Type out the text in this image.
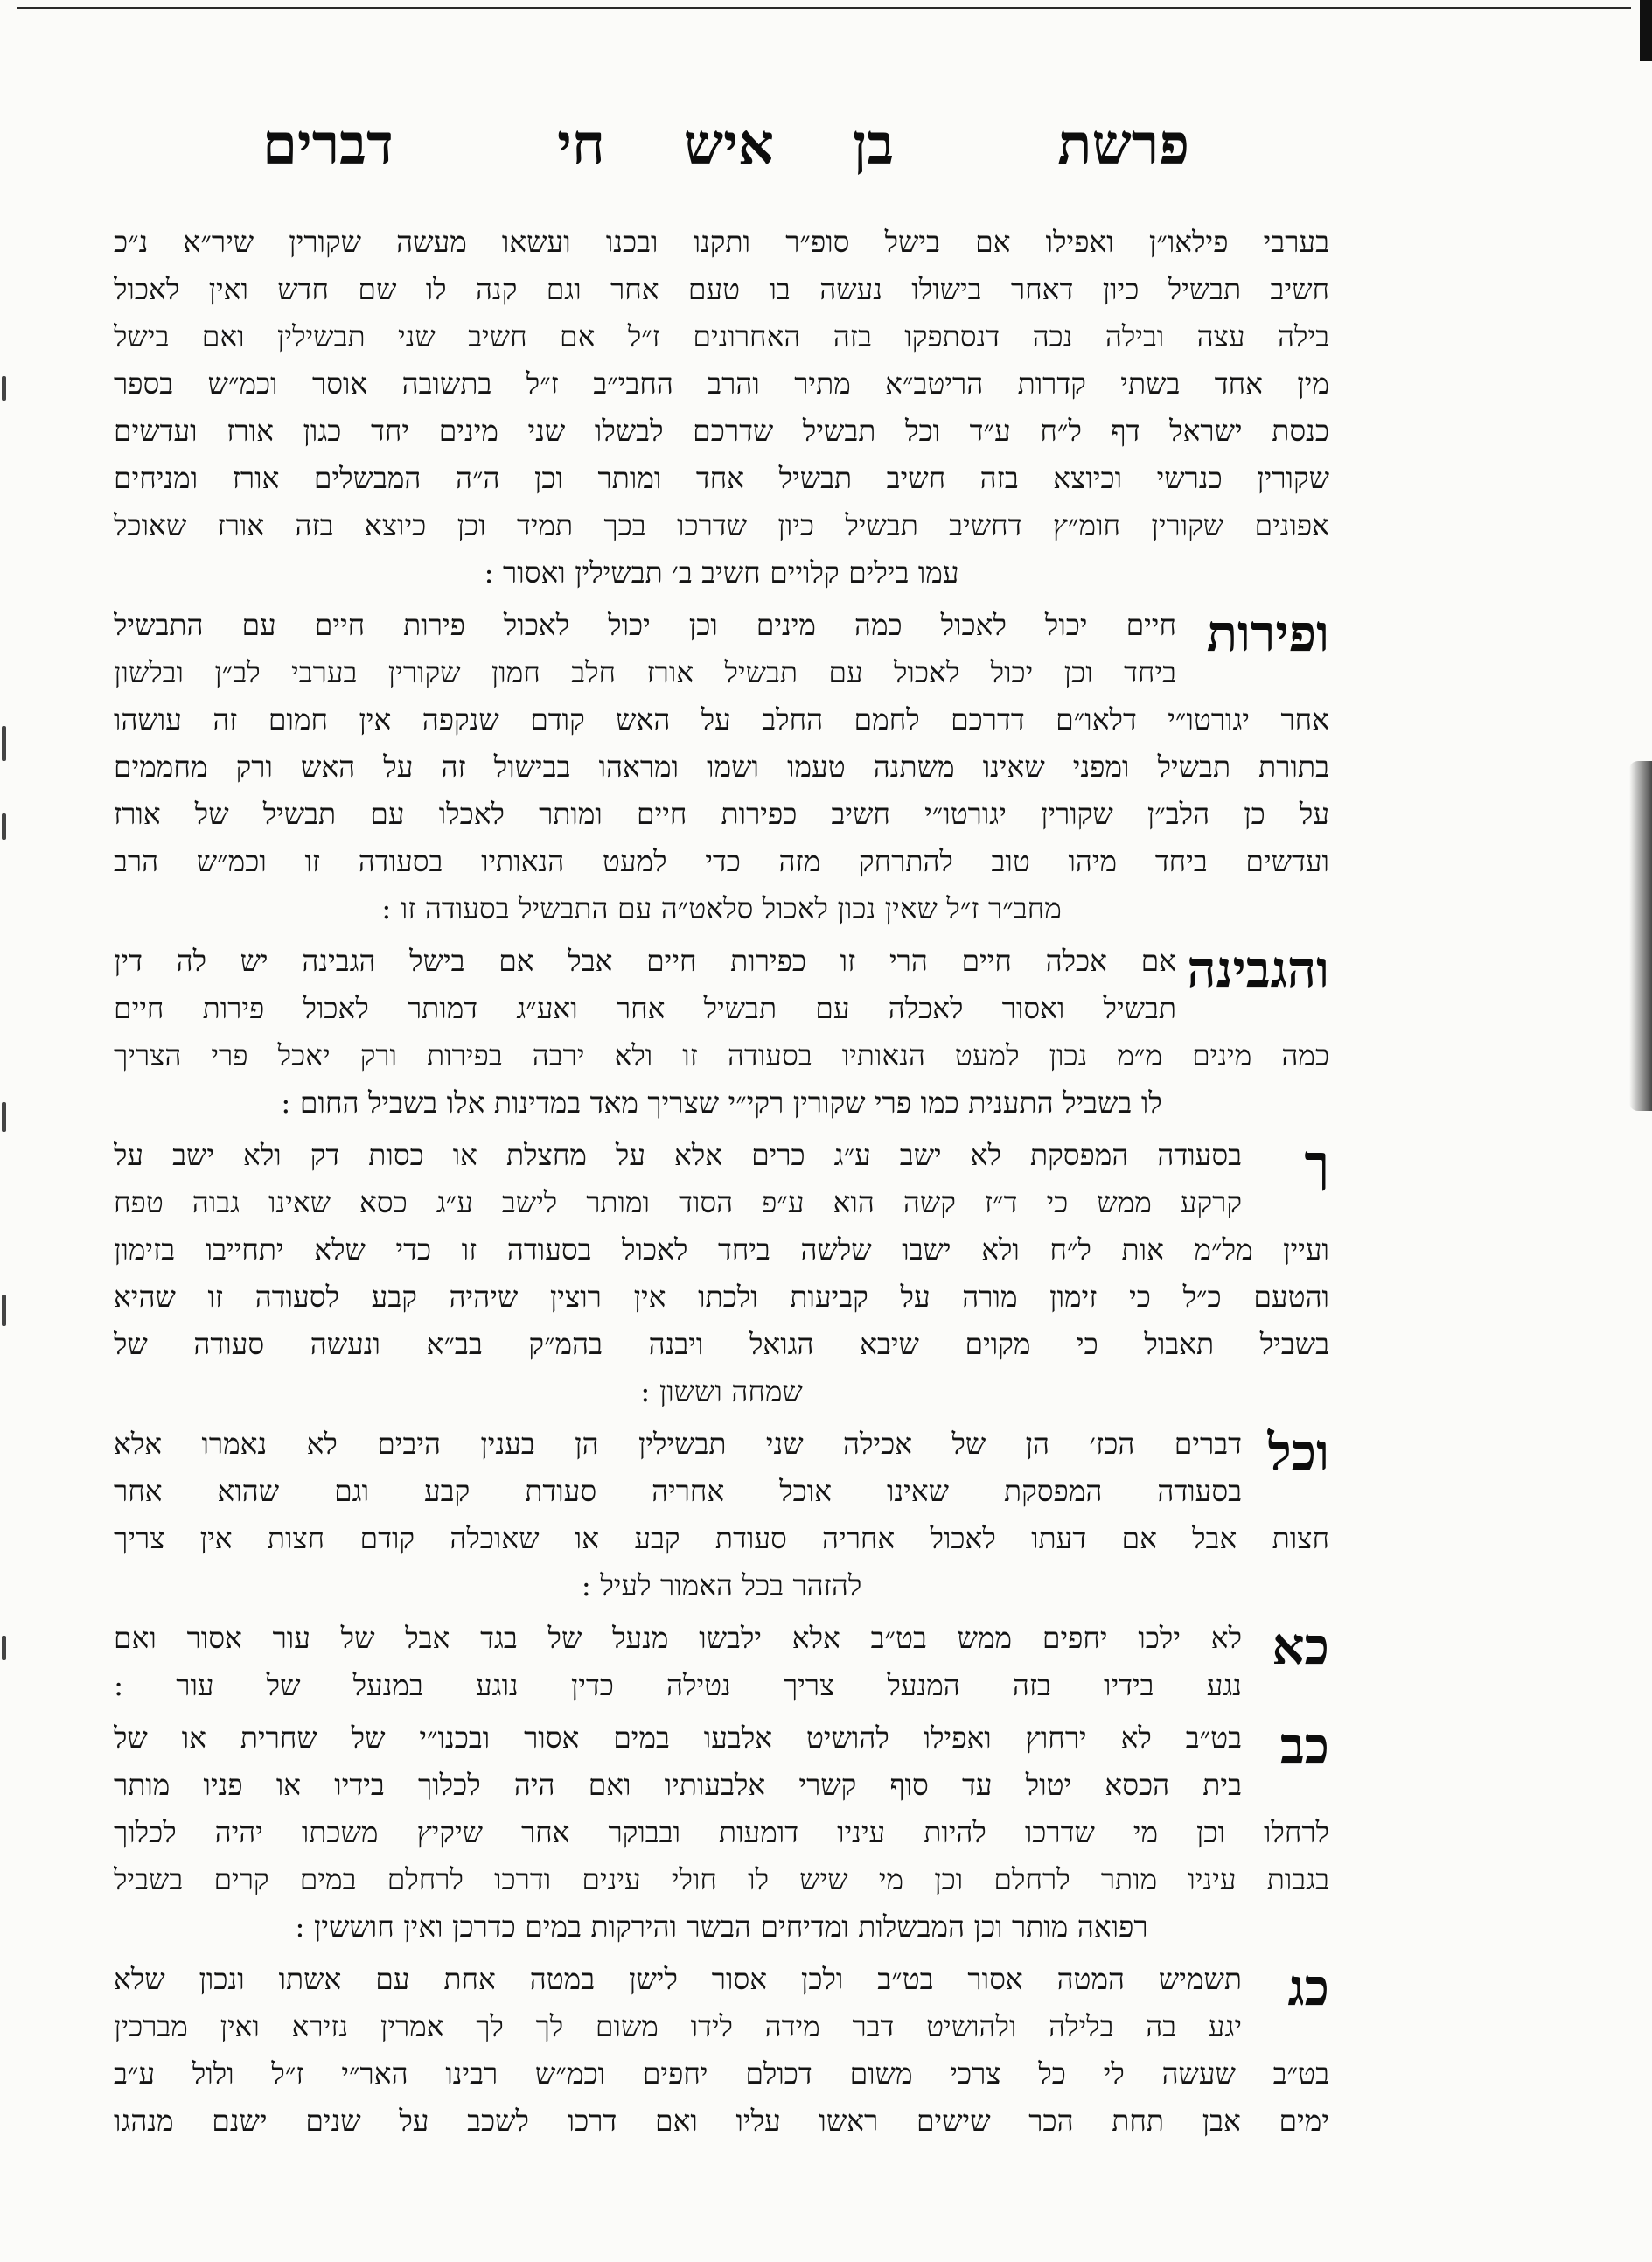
פרשת
בן
איש
חי
דברים
בערבי פילאו״ן ואפילו אם בישל סופ״ר ותקנו ובכנו ועשאו מעשה שקורין שיר״א נ״כ
חשיב תבשיל כיון דאחר בישולו נעשה בו טעם אחר וגם קנה לו שם חדש ואין לאכול
בילה עצה ובילה נכה דנסתפקו בזה האחרונים ז״ל אם חשיב שני תבשילין ואם בישל
מין אחד בשתי קדרות הריטב״א מתיר והרב החבי״ב ז״ל בתשובה אוסר וכמ״ש בספר
כנסת ישראל דף ל״ח ע״ד וכל תבשיל שדרכם לבשלו שני מינים יחד כגון אורז ועדשים
שקורין כנרשי וכיוצא בזה חשיב תבשיל אחד ומותר וכן ה״ה המבשלים אורז ומניחים
אפונים שקורין חומ״ץ דחשיב תבשיל כיון שדרכו בכך תמיד וכן כיוצא בזה אורז שאוכל
עמו בילים קלויים חשיב ב׳ תבשילין ואסור :
ופירות
חיים יכול לאכול כמה מינים וכן יכול לאכול פירות חיים עם התבשיל
ביחד וכן יכול לאכול עם תבשיל אורז חלב חמון שקורין בערבי לב״ן ובלשון
אחר יגורטו״י דלאו״ם דדרכם לחמם החלב על האש קודם שנקפה אין חמום זה עושהו
בתורת תבשיל ומפני שאינו משתנה טעמו ושמו ומראהו בבישול זה על האש ורק מחממים
על כן הלב״ן שקורין יגורטו״י חשיב כפירות חיים ומותר לאכלו עם תבשיל של אורז
ועדשים ביחד מיהו טוב להתרחק מזה כדי למעט הנאותיו בסעודה זו וכמ״ש הרב
מחב״ר ז״ל שאין נכון לאכול סלאט״ה עם התבשיל בסעודה זו :
והגבינה
אם אכלה חיים הרי זו כפירות חיים אבל אם בישל הגבינה יש לה דין
תבשיל ואסור לאכלה עם תבשיל אחר ואע״ג דמותר לאכול פירות חיים
כמה מינים מ״מ נכון למעט הנאותיו בסעודה זו ולא ירבה בפירות ורק יאכל פרי הצריך
לו בשביל התענית כמו פרי שקורין רקי״י שצריך מאד במדינות אלו בשביל החום :
ך
בסעודה המפסקת לא ישב ע״ג כרים אלא על מחצלת או כסות דק ולא ישב על
קרקע ממש כי ד״ז קשה הוא ע״פ הסוד ומותר לישב ע״ג כסא שאינו גבוה טפח
ועיין מל״מ אות ל״ח ולא ישבו שלשה ביחד לאכול בסעודה זו כדי שלא יתחייבו בזימון
והטעם כ״ל כי זימון מורה על קביעות ולכתו אין רוצין שיהיה קבע לסעודה זו שהיא
בשביל תאבול כי מקוים שיבא הגואל ויבנה בהמ״ק בב״א ונעשה סעודה של
שמחה וששון :
וכל
דברים הכז׳ הן של אכילה שני תבשילין הן בענין היבים לא נאמרו אלא
בסעודה המפסקת שאינו אוכל אחריה סעודת קבע וגם שהוא אחר
חצות אבל אם דעתו לאכול אחריה סעודת קבע או שאוכלה קודם חצות אין צריך
להזהר בכל האמור לעיל :
כא
לא ילכו יחפים ממש בט״ב אלא ילבשו מנעל של בגד אבל של עור אסור ואם
נגע בידיו בזה המנעל צריך נטילה כדין נוגע במנעל של עור :
כב
בט״ב לא ירחוץ ואפילו להושיט אלבעו במים אסור ובכנו״י של שחרית או של
בית הכסא יטול עד סוף קשרי אלבעותיו ואם היה לכלוך בידיו או פניו מותר
לרחלו וכן מי שדרכו להיות עיניו דומעות ובבוקר אחר שיקיץ משכתו יהיה לכלוך
בגבות עיניו מותר לרחלם וכן מי שיש לו חולי עינים ודרכו לרחלם במים קרים בשביל
רפואה מותר וכן המבשלות ומדיחים הבשר והירקות במים כדרכן ואין חוששין :
כג
תשמיש המטה אסור בט״ב ולכן אסור לישן במטה אחת עם אשתו ונכון שלא
יגע בה בלילה ולהושיט דבר מידה לידו משום לך לך אמרין נזירא ואין מברכין
בט״ב שעשה לי כל צרכי משום דכולם יחפים וכמ״ש רבינו האר״י ז״ל ולול ע״ב
ימים אבן תחת הכר שישים ראשו עליו ואם דרכו לשכב על שנים ישנם מנהגו
